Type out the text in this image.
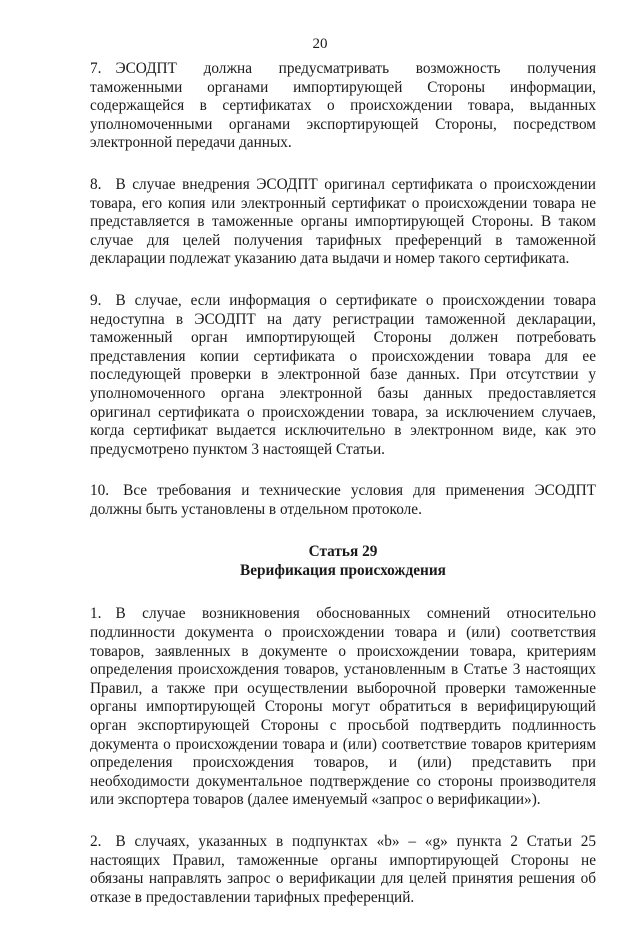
20

7. ЭСОДПТ должна предусматривать возможность получения таможенными органами импортирующей Стороны информации, содержащейся в сертификатах о происхождении товара, выданных уполномоченными органами экспортирующей Стороны, посредством электронной передачи данных.

8. В случае внедрения ЭСОДПТ оригинал сертификата о происхождении товара, его копия или электронный сертификат о происхождении товара не представляется в таможенные органы импортирующей Стороны. В таком случае для целей получения тарифных преференций в таможенной декларации подлежат указанию дата выдачи и номер такого сертификата.

9. В случае, если информация о сертификате о происхождении товара недоступна в ЭСОДПТ на дату регистрации таможенной декларации, таможенный орган импортирующей Стороны должен потребовать представления копии сертификата о происхождении товара для ее последующей проверки в электронной базе данных. При отсутствии у уполномоченного органа электронной базы данных предоставляется оригинал сертификата о происхождении товара, за исключением случаев, когда сертификат выдается исключительно в электронном виде, как это предусмотрено пунктом 3 настоящей Статьи.

10. Все требования и технические условия для применения ЭСОДПТ должны быть установлены в отдельном протоколе.

Статья 29

Верификация происхождения

1. В случае возникновения обоснованных сомнений относительно подлинности документа о происхождении товара и (или) соответствия товаров, заявленных в документе о происхождении товара, критериям определения происхождения товаров, установленным в Статье 3 настоящих Правил, а также при осуществлении выборочной проверки таможенные органы импортирующей Стороны могут обратиться в верифицирующий орган экспортирующей Стороны с просьбой подтвердить подлинность документа о происхождении товара и (или) соответствие товаров критериям определения происхождения товаров, и (или) представить при необходимости документальное подтверждение со стороны производителя или экспортера товаров (далее именуемый «запрос о верификации»).

2. В случаях, указанных в подпунктах «b» – «g» пункта 2 Статьи 25 настоящих Правил, таможенные органы импортирующей Стороны не обязаны направлять запрос о верификации для целей принятия решения об отказе в предоставлении тарифных преференций.
